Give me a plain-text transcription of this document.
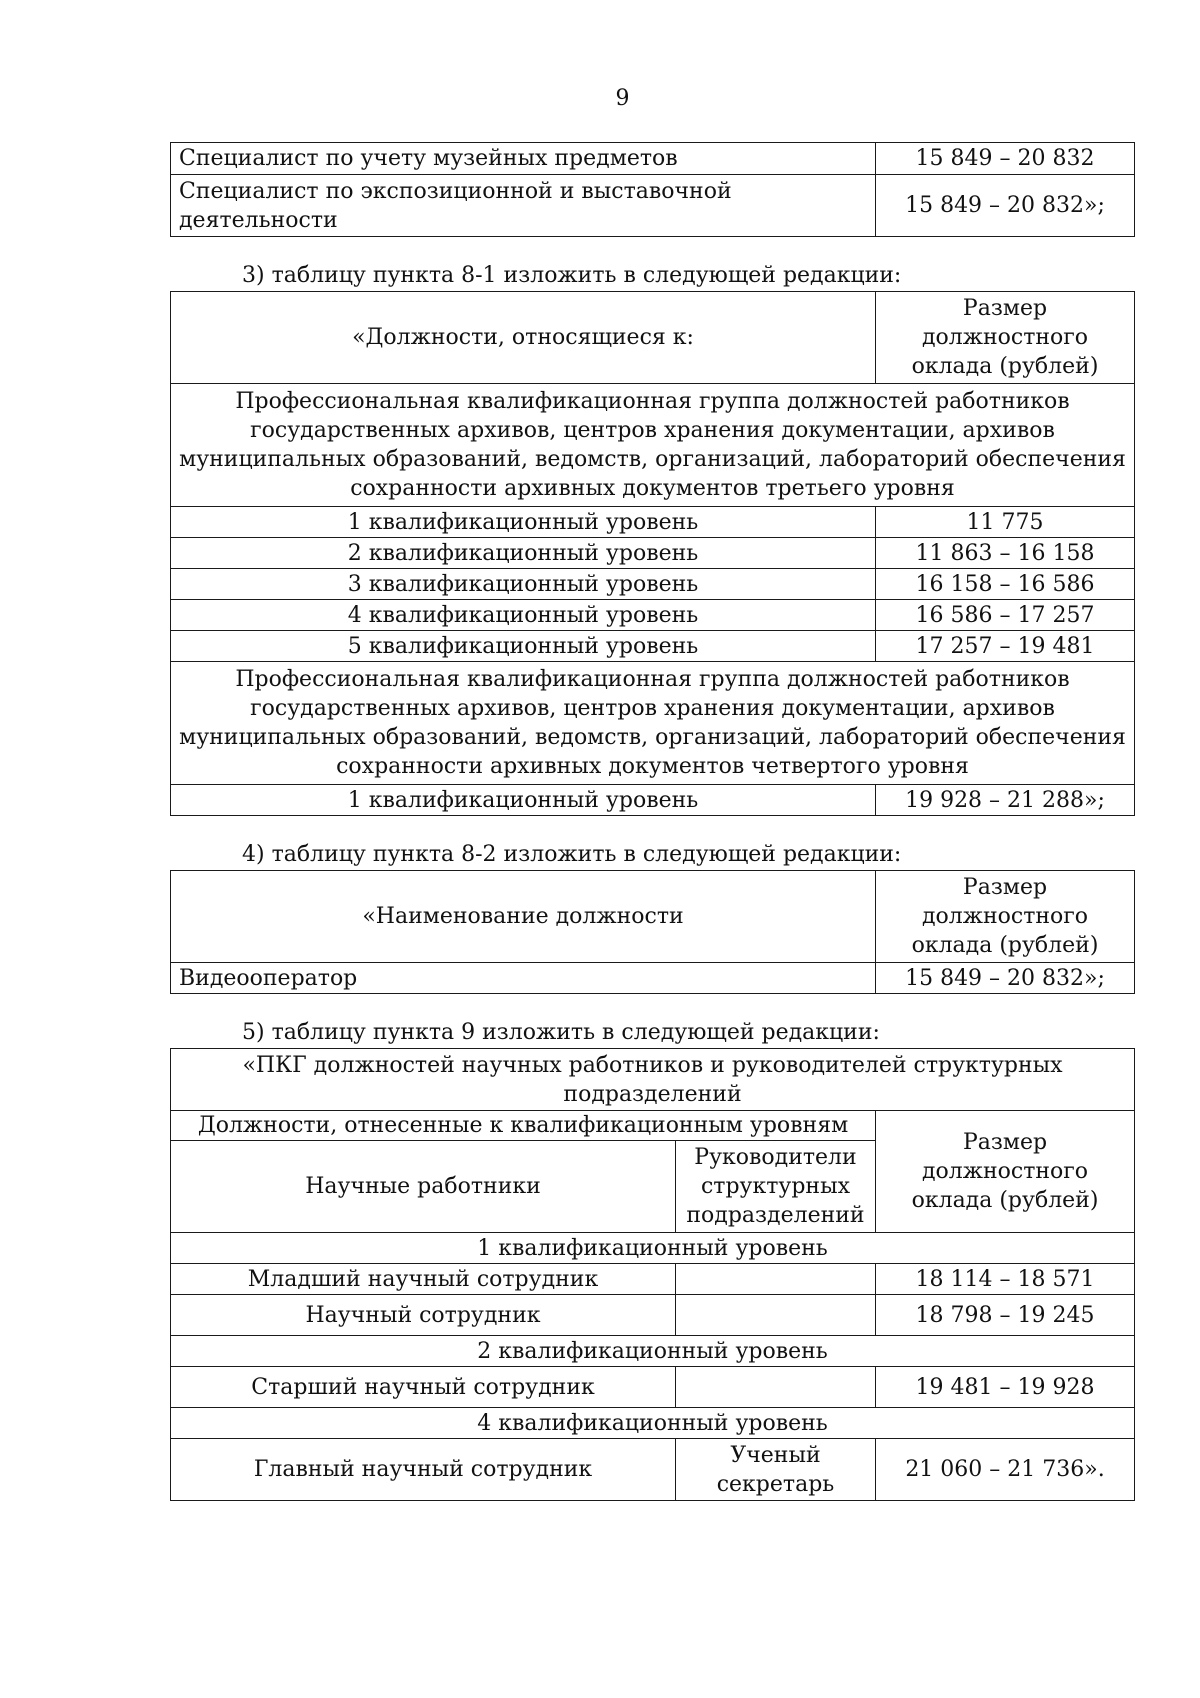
9
Специалист по учету музейных предметов	15 849 – 20 832
Специалист по экспозиционной и выставочной деятельности	15 849 – 20 832»;
3) таблицу пункта 8-1 изложить в следующей редакции:
«Должности, относящиеся к:	Размер должностного оклада (рублей)
Профессиональная квалификационная группа должностей работников государственных архивов, центров хранения документации, архивов муниципальных образований, ведомств, организаций, лабораторий обеспечения сохранности архивных документов третьего уровня	
1 квалификационный уровень	11 775
2 квалификационный уровень	11 863 – 16 158
3 квалификационный уровень	16 158 – 16 586
4 квалификационный уровень	16 586 – 17 257
5 квалификационный уровень	17 257 – 19 481
Профессиональная квалификационная группа должностей работников государственных архивов, центров хранения документации, архивов муниципальных образований, ведомств, организаций, лабораторий обеспечения сохранности архивных документов четвертого уровня	
1 квалификационный уровень	19 928 – 21 288»;
4) таблицу пункта 8-2 изложить в следующей редакции:
«Наименование должности	Размер должностного оклада (рублей)
Видеооператор	15 849 – 20 832»;
5) таблицу пункта 9 изложить в следующей редакции:
«ПКГ должностей научных работников и руководителей структурных подразделений		
Должности, отнесенные к квалификационным уровням		Размер должностного оклада (рублей)
Научные работники	Руководители структурных подразделений	
1 квалификационный уровень		
Младший научный сотрудник		18 114 – 18 571
Научный сотрудник		18 798 – 19 245
2 квалификационный уровень		
Старший научный сотрудник		19 481 – 19 928
4 квалификационный уровень		
Главный научный сотрудник	Ученый секретарь	21 060 – 21 736».
